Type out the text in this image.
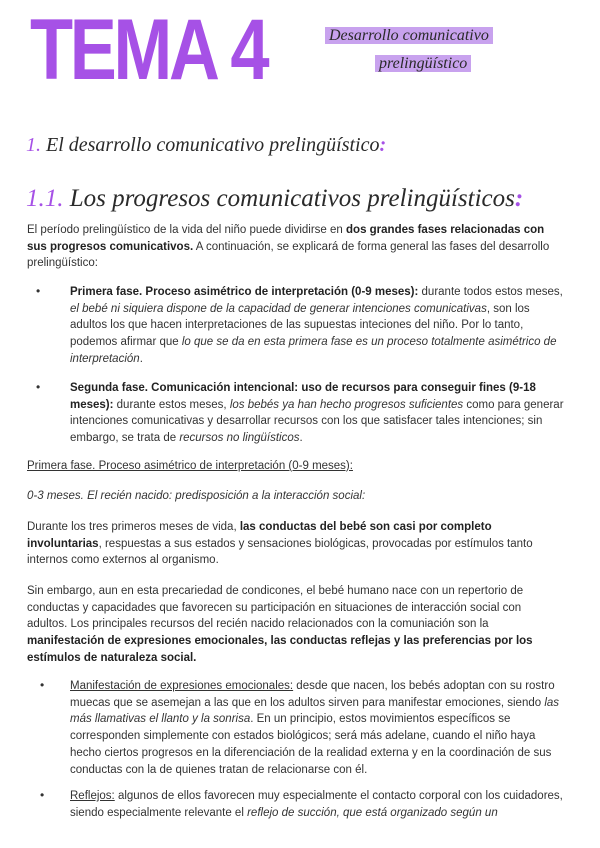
TEMA 4	Desarrollo comunicativo
prelingüístico
1. El desarrollo comunicativo prelingüístico:
1.1. Los progresos comunicativos prelingüísticos:
El período prelingüístico de la vida del niño puede dividirse en dos grandes fases relacionadas con sus progresos comunicativos. A continuación, se explicará de forma general las fases del desarrollo prelingüístico:
•	Primera fase. Proceso asimétrico de interpretación (0-9 meses): durante todos estos meses, el bebé ni siquiera dispone de la capacidad de generar intenciones comunicativas, son los adultos los que hacen interpretaciones de las supuestas inteciones del niño. Por lo tanto, podemos afirmar que lo que se da en esta primera fase es un proceso totalmente asimétrico de interpretación.
•	Segunda fase. Comunicación intencional: uso de recursos para conseguir fines (9-18 meses): durante estos meses, los bebés ya han hecho progresos suficientes como para generar intenciones comunicativas y desarrollar recursos con los que satisfacer tales intenciones; sin embargo, se trata de recursos no lingüísticos.
Primera fase. Proceso asimétrico de interpretación (0-9 meses):
0-3 meses. El recién nacido: predisposición a la interacción social:
Durante los tres primeros meses de vida, las conductas del bebé son casi por completo involuntarias, respuestas a sus estados y sensaciones biológicas, provocadas por estímulos tanto internos como externos al organismo.
Sin embargo, aun en esta precariedad de condicones, el bebé humano nace con un repertorio de conductas y capacidades que favorecen su participación en situaciones de interacción social con adultos. Los principales recursos del recién nacido relacionados con la comuniación son la manifestación de expresiones emocionales, las conductas reflejas y las preferencias por los estímulos de naturaleza social.
• Manifestación de expresiones emocionales: desde que nacen, los bebés adoptan con su rostro muecas que se asemejan a las que en los adultos sirven para manifestar emociones, siendo las más llamativas el llanto y la sonrisa. En un principio, estos movimientos específicos se corresponden simplemente con estados biológicos; será más adelane, cuando el niño haya hecho ciertos progresos en la diferenciación de la realidad externa y en la coordinación de sus conductas con la de quienes tratan de relacionarse con él.
• Reflejos: algunos de ellos favorecen muy especialmente el contacto corporal con los cuidadores, siendo especialmente relevante el reflejo de succión, que está organizado según un
